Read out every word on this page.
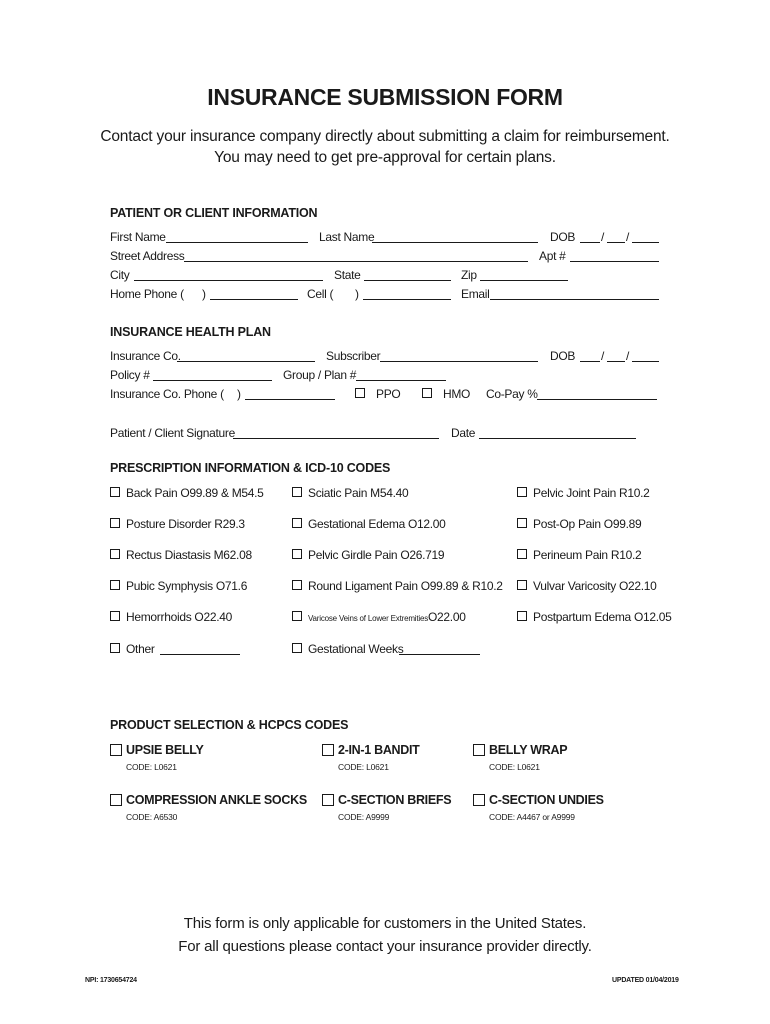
INSURANCE SUBMISSION FORM
Contact your insurance company directly about submitting a claim for reimbursement.
You may need to get pre-approval for certain plans.
PATIENT OR CLIENT INFORMATION
First Name	Last Name	DOB / /
Street Address	Apt #
City	State	Zip
Home Phone ( )	Cell ( )	Email
INSURANCE HEALTH PLAN
Insurance Co.	Subscriber	DOB / /
Policy #	Group / Plan #
Insurance Co. Phone ( )	PPO	HMO Co-Pay %
Patient / Client Signature	Date
PRESCRIPTION INFORMATION & ICD-10 CODES
Back Pain O99.89 & M54.5	Sciatic Pain M54.40	Pelvic Joint Pain R10.2
Posture Disorder R29.3	Gestational Edema O12.00	Post-Op Pain O99.89
Rectus Diastasis M62.08	Pelvic Girdle Pain O26.719	Perineum Pain R10.2
Pubic Symphysis O71.6	Round Ligament Pain O99.89 & R10.2	Vulvar Varicosity O22.10
Hemorrhoids O22.40	Varicose Veins of Lower Extremities O22.00	Postpartum Edema O12.05
Other	Gestational Weeks
PRODUCT SELECTION & HCPCS CODES
UPSIE BELLY
CODE: L0621
2-IN-1 BANDIT
CODE: L0621
BELLY WRAP
CODE: L0621
COMPRESSION ANKLE SOCKS
CODE: A6530
C-SECTION BRIEFS
CODE: A9999
C-SECTION UNDIES
CODE: A4467 or A9999
This form is only applicable for customers in the United States.
For all questions please contact your insurance provider directly.
NPI: 1730654724	UPDATED 01/04/2019
